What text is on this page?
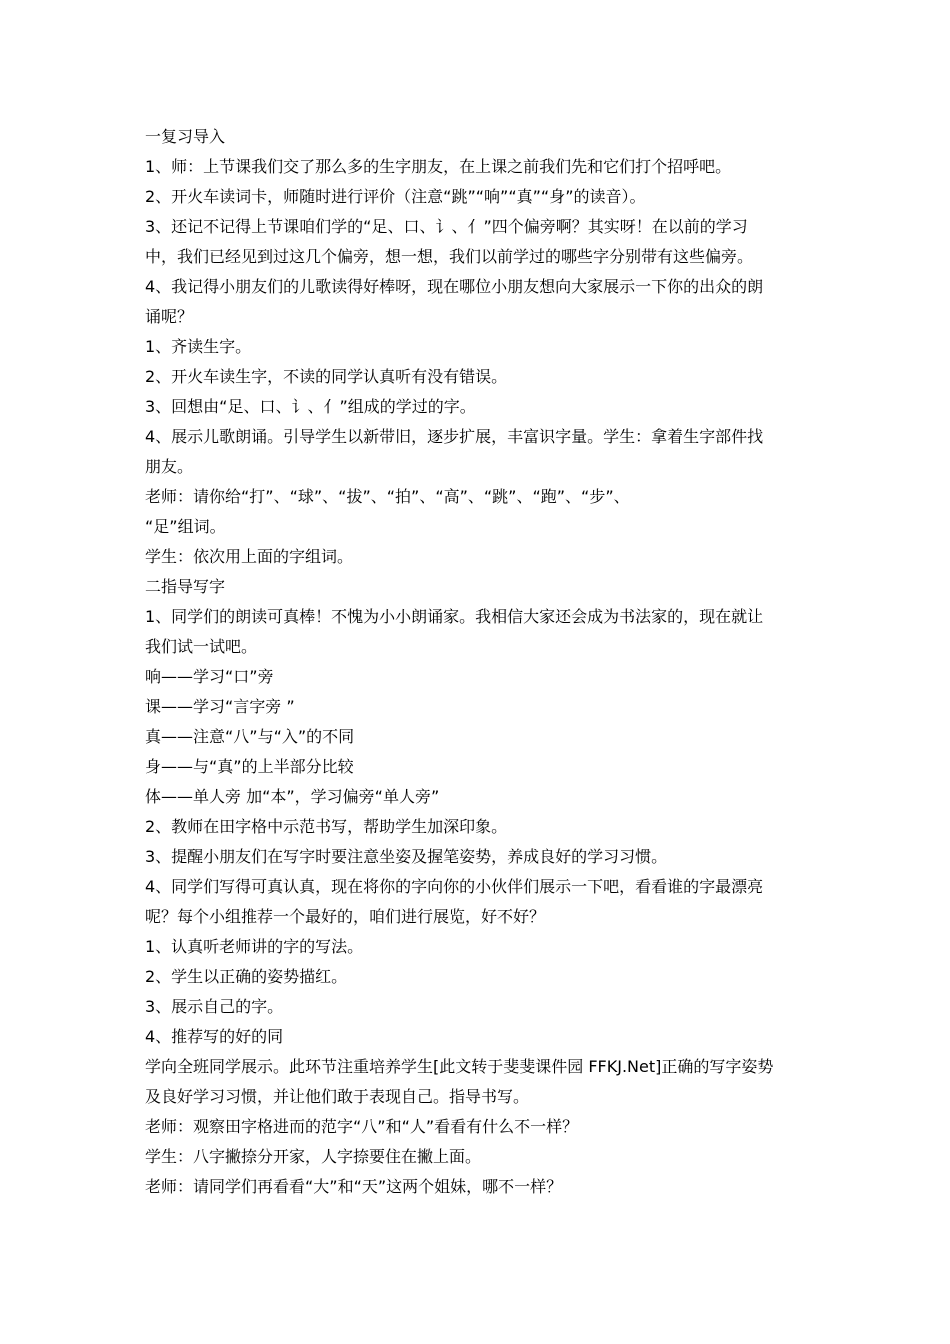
一复习导入
1、师：上节课我们交了那么多的生字朋友，在上课之前我们先和它们打个招呼吧。
2、开火车读词卡，师随时进行评价（注意“跳”“响”“真”“身”的读音）。
3、还记不记得上节课咱们学的“足、口、讠、亻”四个偏旁啊？其实呀！在以前的学习
中，我们已经见到过这几个偏旁，想一想，我们以前学过的哪些字分别带有这些偏旁。
4、我记得小朋友们的儿歌读得好棒呀，现在哪位小朋友想向大家展示一下你的出众的朗
诵呢？
1、齐读生字。
2、开火车读生字，不读的同学认真听有没有错误。
3、回想由“足、口、讠、亻”组成的学过的字。
4、展示儿歌朗诵。引导学生以新带旧，逐步扩展，丰富识字量。学生：拿着生字部件找
朋友。
老师：请你给“打”、“球”、“拔”、“拍”、“高”、“跳”、“跑”、“步”、
“足”组词。
学生：依次用上面的字组词。
二指导写字
1、同学们的朗读可真棒！不愧为小小朗诵家。我相信大家还会成为书法家的，现在就让
我们试一试吧。
响——学习“口”旁
课——学习“言字旁 ”
真——注意“八”与“入”的不同
身——与“真”的上半部分比较
体——单人旁 加“本”，学习偏旁“单人旁”
2、教师在田字格中示范书写，帮助学生加深印象。
3、提醒小朋友们在写字时要注意坐姿及握笔姿势，养成良好的学习习惯。
4、同学们写得可真认真，现在将你的字向你的小伙伴们展示一下吧，看看谁的字最漂亮
呢？每个小组推荐一个最好的，咱们进行展览，好不好？
1、认真听老师讲的字的写法。
2、学生以正确的姿势描红。
3、展示自己的字。
4、推荐写的好的同
学向全班同学展示。此环节注重培养学生[此文转于斐斐课件园 FFKJ.Net]正确的写字姿势
及良好学习习惯，并让他们敢于表现自己。指导书写。
老师：观察田字格进而的范字“八”和“人”看看有什么不一样？
学生：八字撇捺分开家，人字捺要住在撇上面。
老师：请同学们再看看“大”和“天”这两个姐妹，哪不一样？
